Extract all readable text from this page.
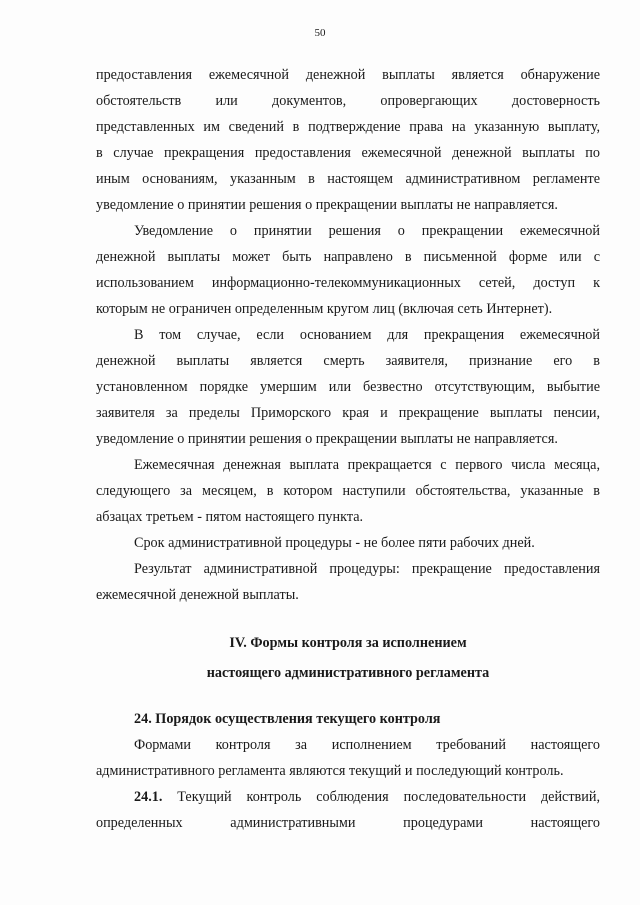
50

предоставления ежемесячной денежной выплаты является обнаружение

обстоятельств или документов, опровергающих достоверность

представленных им сведений в подтверждение права на указанную выплату,

в случае прекращения предоставления ежемесячной денежной выплаты по

иным основаниям, указанным в настоящем административном регламенте

уведомление о принятии решения о прекращении выплаты не направляется.

Уведомление о принятии решения о прекращении ежемесячной

денежной выплаты может быть направлено в письменной форме или с

использованием информационно-телекоммуникационных сетей, доступ к

которым не ограничен определенным кругом лиц (включая сеть Интернет).

В том случае, если основанием для прекращения ежемесячной

денежной выплаты является смерть заявителя, признание его в

установленном порядке умершим или безвестно отсутствующим, выбытие

заявителя за пределы Приморского края и прекращение выплаты пенсии,

уведомление о принятии решения о прекращении выплаты не направляется.

Ежемесячная денежная выплата прекращается с первого числа месяца,

следующего за месяцем, в котором наступили обстоятельства, указанные в

абзацах третьем - пятом настоящего пункта.

Срок административной процедуры - не более пяти рабочих дней.

Результат административной процедуры: прекращение предоставления

ежемесячной денежной выплаты.

IV. Формы контроля за исполнением
настоящего административного регламента
24. Порядок осуществления текущего контроля

Формами контроля за исполнением требований настоящего

административного регламента являются текущий и последующий контроль.

24.1. Текущий контроль соблюдения последовательности действий,

определенных административными процедурами настоящего
